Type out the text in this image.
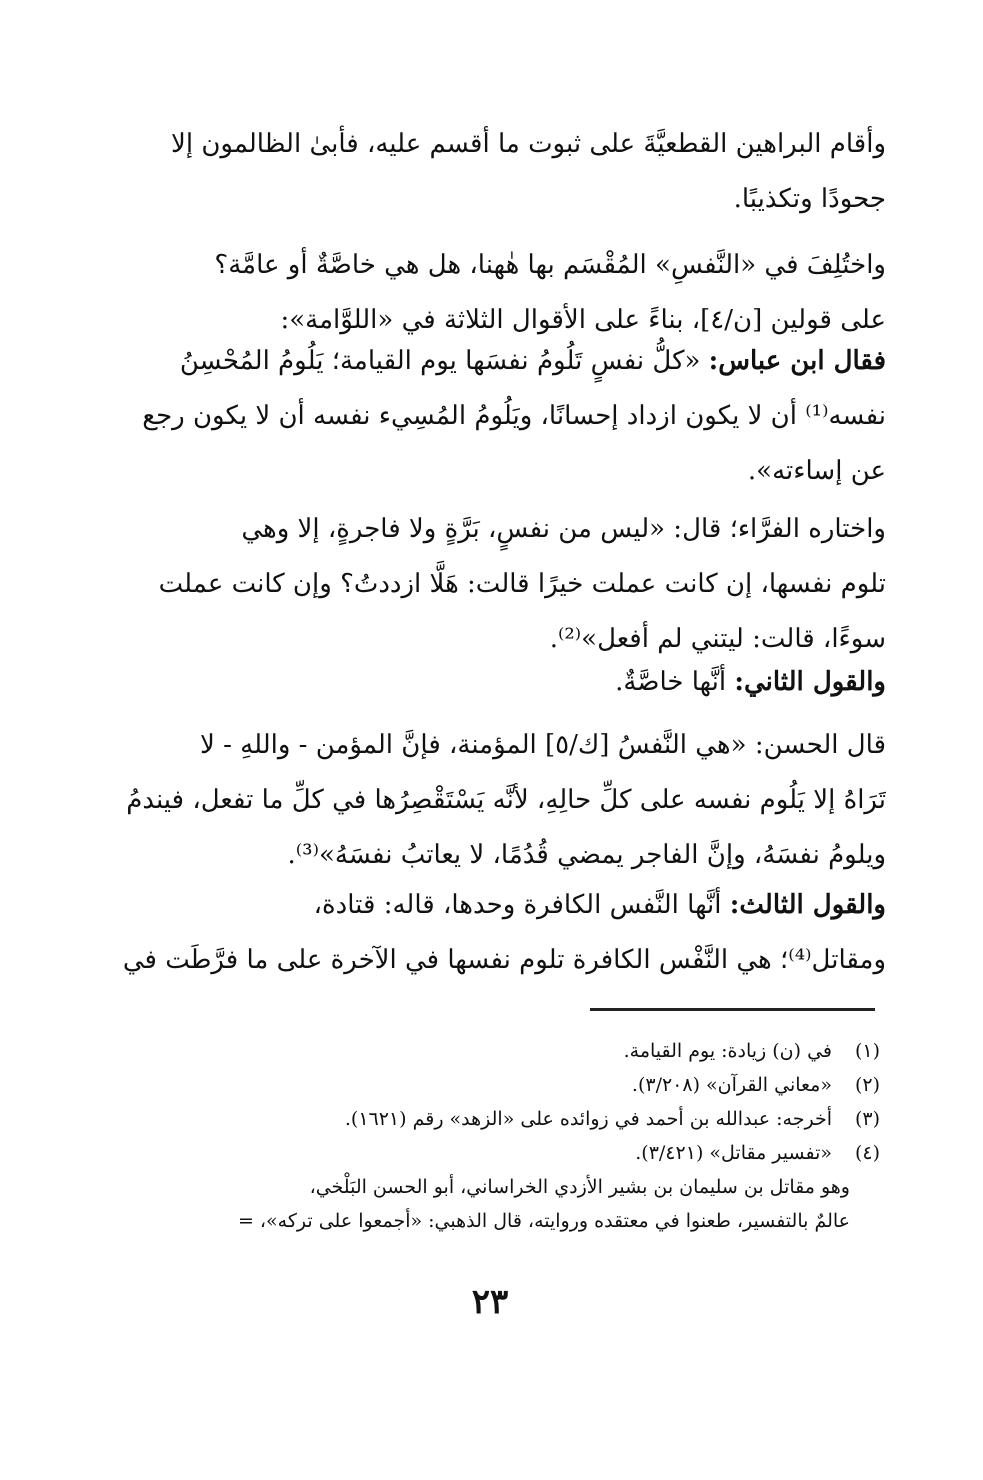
وأقام البراهين القطعيَّةَ على ثبوت ما أقسم عليه، فأبىٰ الظالمون إلا
جحودًا وتكذيبًا.
واختُلِفَ في «النَّفسِ» المُقْسَم بها هٰهنا، هل هي خاصَّةٌ أو عامَّة؟
على قولين [ن/٤]، بناءً على الأقوال الثلاثة في «اللوَّامة»:
فقال ابن عباس: «كلُّ نفسٍ تَلُومُ نفسَها يوم القيامة؛ يَلُومُ المُحْسِنُ
نفسه⁽¹⁾ أن لا يكون ازداد إحسانًا، ويَلُومُ المُسِيء نفسه أن لا يكون رجع
عن إساءته».
واختاره الفرَّاء؛ قال: «ليس من نفسٍ، بَرَّةٍ ولا فاجرةٍ، إلا وهي
تلوم نفسها، إن كانت عملت خيرًا قالت: هَلَّا ازددتُ؟ وإن كانت عملت
سوءًا، قالت: ليتني لم أفعل»⁽²⁾.
والقول الثاني: أنَّها خاصَّةٌ.
قال الحسن: «هي النَّفسُ [ك/٥] المؤمنة، فإنَّ المؤمن - واللهِ - لا
تَرَاهُ إلا يَلُوم نفسه على كلِّ حالِهِ، لأنَّه يَسْتَقْصِرُها في كلِّ ما تفعل، فيندمُ
ويلومُ نفسَهُ، وإنَّ الفاجر يمضي قُدُمًا، لا يعاتبُ نفسَهُ»⁽³⁾.
والقول الثالث: أنَّها النَّفس الكافرة وحدها، قاله: قتادة،
ومقاتل⁽⁴⁾؛ هي النَّفْس الكافرة تلوم نفسها في الآخرة على ما فرَّطَت في
(١)في (ن) زيادة: يوم القيامة.
(٢)«معاني القرآن» (٣/٢٠٨).
(٣)أخرجه: عبدالله بن أحمد في زوائده على «الزهد» رقم (١٦٢١).
(٤)«تفسير مقاتل» (٣/٤٢١).
وهو مقاتل بن سليمان بن بشير الأزدي الخراساني، أبو الحسن البَلْخي،
عالمٌ بالتفسير، طعنوا في معتقده وروايته، قال الذهبي: «أجمعوا على تركه»، =
٢٣
